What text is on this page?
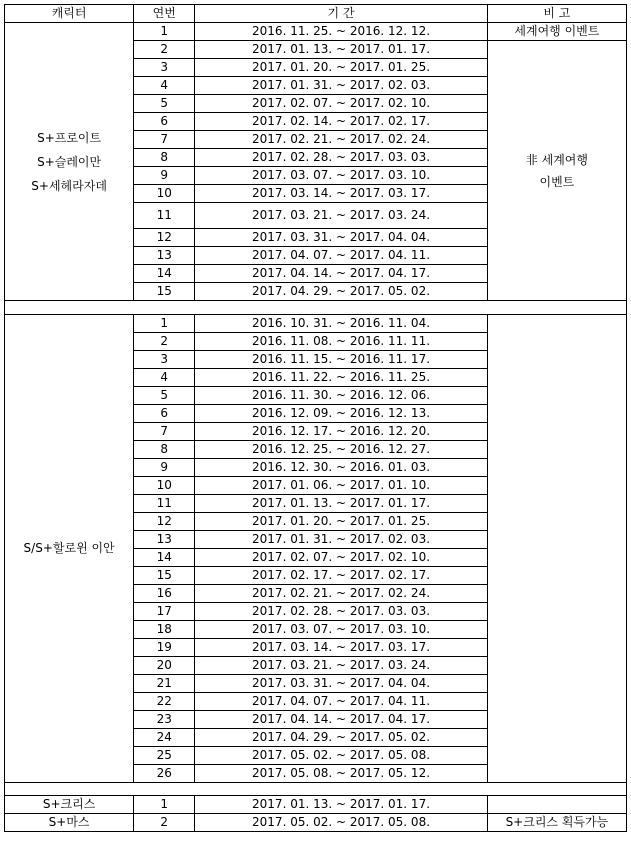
캐릭터	연번	기 간	비 고

S+프로이트
S+슬레이만
S+세헤라자데	1	2016. 11. 25. ~ 2016. 12. 12.	세계여행 이벤트
	2	2017. 01. 13. ~ 2017. 01. 17.	非 세계여행
이벤트

	3	2017. 01. 20. ~ 2017. 01. 25.	
	4	2017. 01. 31. ~ 2017. 02. 03.	
	5	2017. 02. 07. ~ 2017. 02. 10.	
	6	2017. 02. 14. ~ 2017. 02. 17.	
	7	2017. 02. 21. ~ 2017. 02. 24.	
	8	2017. 02. 28. ~ 2017. 03. 03.	
	9	2017. 03. 07. ~ 2017. 03. 10.	
	10	2017. 03. 14. ~ 2017. 03. 17.	
	11	2017. 03. 21. ~ 2017. 03. 24.	
	12	2017. 03. 31. ~ 2017. 04. 04.	
	13	2017. 04. 07. ~ 2017. 04. 11.	
	14	2017. 04. 14. ~ 2017. 04. 17.	
	15	2017. 04. 29. ~ 2017. 05. 02.	

S/S+할로윈 이안	1	2016. 10. 31. ~ 2016. 11. 04.	
	2	2016. 11. 08. ~ 2016. 11. 11.	
	3	2016. 11. 15. ~ 2016. 11. 17.	
	4	2016. 11. 22. ~ 2016. 11. 25.	
	5	2016. 11. 30. ~ 2016. 12. 06.	
	6	2016. 12. 09. ~ 2016. 12. 13.	
	7	2016. 12. 17. ~ 2016. 12. 20.	
	8	2016. 12. 25. ~ 2016. 12. 27.	
	9	2016. 12. 30. ~ 2016. 01. 03.	
	10	2017. 01. 06. ~ 2017. 01. 10.	
	11	2017. 01. 13. ~ 2017. 01. 17.	
	12	2017. 01. 20. ~ 2017. 01. 25.	
	13	2017. 01. 31. ~ 2017. 02. 03.	
	14	2017. 02. 07. ~ 2017. 02. 10.	
	15	2017. 02. 17. ~ 2017. 02. 17.	
	16	2017. 02. 21. ~ 2017. 02. 24.	
	17	2017. 02. 28. ~ 2017. 03. 03.	
	18	2017. 03. 07. ~ 2017. 03. 10.	
	19	2017. 03. 14. ~ 2017. 03. 17.	
	20	2017. 03. 21. ~ 2017. 03. 24.	
	21	2017. 03. 31. ~ 2017. 04. 04.	
	22	2017. 04. 07. ~ 2017. 04. 11.	
	23	2017. 04. 14. ~ 2017. 04. 17.	
	24	2017. 04. 29. ~ 2017. 05. 02.	
	25	2017. 05. 02. ~ 2017. 05. 08.	
	26	2017. 05. 08. ~ 2017. 05. 12.	

S+크리스	1	2017. 01. 13. ~ 2017. 01. 17.	
S+마스	2	2017. 05. 02. ~ 2017. 05. 08.	S+크리스 획득가능
